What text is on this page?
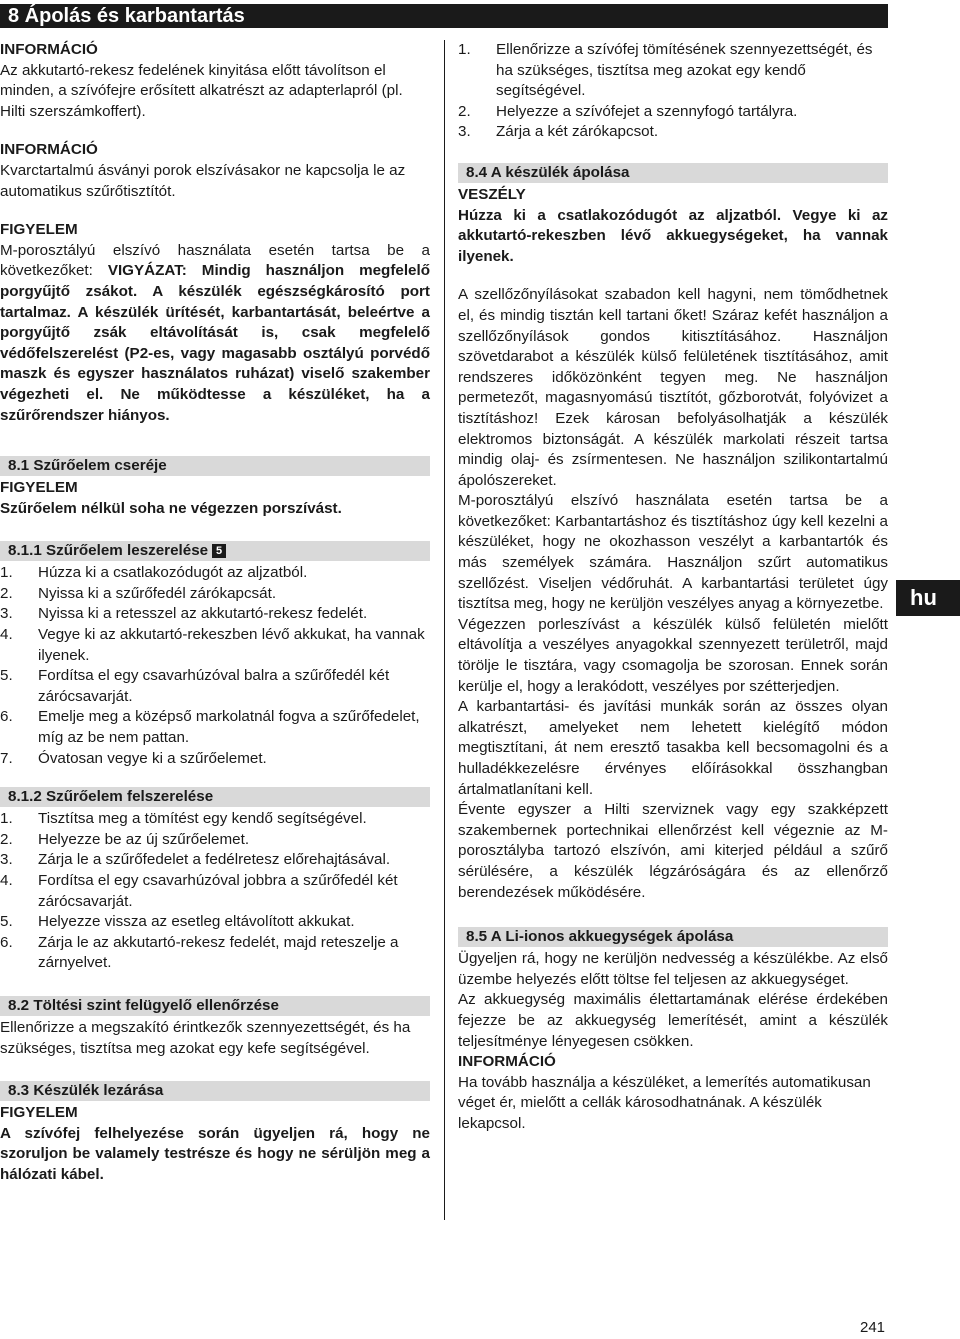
8 Ápolás és karbantartás

INFORMÁCIÓ

Az akkutartó-rekesz fedelének kinyitása előtt távolítson el minden, a szívófejre erősített alkatrészt az adapterlapról (pl. Hilti szerszámkoffert).

INFORMÁCIÓ

Kvarctartalmú ásványi porok elszívásakor ne kapcsolja le az automatikus szűrőtisztítót.

FIGYELEM

M-porosztályú elszívó használata esetén tartsa be a következőket: VIGYÁZAT: Mindig használjon megfelelő porgyűjtő zsákot. A készülék egészségkárosító port tartalmaz. A készülék ürítését, karbantartását, beleértve a porgyűjtő zsák eltávolítását is, csak megfelelő védőfelszerelést (P2-es, vagy magasabb osztályú porvédő maszk és egyszer használatos ruházat) viselő szakember végezheti el. Ne működtesse a készüléket, ha a szűrőrendszer hiányos.

8.1 Szűrőelem cseréje

FIGYELEM

Szűrőelem nélkül soha ne végezzen porszívást.

8.1.1 Szűrőelem leszerelése 5

1. Húzza ki a csatlakozódugót az aljzatból.
2. Nyissa ki a szűrőfedél zárókapcsát.
3. Nyissa ki a retesszel az akkutartó-rekesz fedelét.
4. Vegye ki az akkutartó-rekeszben lévő akkukat, ha vannak ilyenek.
5. Fordítsa el egy csavarhúzóval balra a szűrőfedél két zárócsavarját.
6. Emelje meg a középső markolatnál fogva a szűrőfedelet, míg az be nem pattan.
7. Óvatosan vegye ki a szűrőelemet.

8.1.2 Szűrőelem felszerelése

1. Tisztítsa meg a tömítést egy kendő segítségével.
2. Helyezze be az új szűrőelemet.
3. Zárja le a szűrőfedelet a fedélretesz előrehajtásával.
4. Fordítsa el egy csavarhúzóval jobbra a szűrőfedél két zárócsavarját.
5. Helyezze vissza az esetleg eltávolított akkukat.
6. Zárja le az akkutartó-rekesz fedelét, majd reteszelje a zárnyelvet.

8.2 Töltési szint felügyelő ellenőrzése

Ellenőrizze a megszakító érintkezők szennyezettségét, és ha szükséges, tisztítsa meg azokat egy kefe segítségével.

8.3 Készülék lezárása

FIGYELEM

A szívófej felhelyezése során ügyeljen rá, hogy ne szoruljon be valamely testrésze és hogy ne sérüljön meg a hálózati kábel.

1. Ellenőrizze a szívófej tömítésének szennyezettségét, és ha szükséges, tisztítsa meg azokat egy kendő segítségével.
2. Helyezze a szívófejet a szennyfogó tartályra.
3. Zárja a két zárókapcsot.

8.4 A készülék ápolása

VESZÉLY

Húzza ki a csatlakozódugót az aljzatból. Vegye ki az akkutartó-rekeszben lévő akkuegységeket, ha vannak ilyenek.

A szellőzőnyílásokat szabadon kell hagyni, nem tömődhetnek el, és mindig tisztán kell tartani őket! Száraz kefét használjon a szellőzőnyílások gondos kitisztításához. Használjon szövetdarabot a készülék külső felületének tisztításához, amit rendszeres időközönként tegyen meg. Ne használjon permetezőt, magasnyomású tisztítót, gőzborotvát, folyóvizet a tisztításhoz! Ezek károsan befolyásolhatják a készülék elektromos biztonságát. A készülék markolati részeit tartsa mindig olaj- és zsírmentesen. Ne használjon szilikontartalmú ápolószereket.

M-porosztályú elszívó használata esetén tartsa be a következőket: Karbantartáshoz és tisztításhoz úgy kell kezelni a készüléket, hogy ne okozhasson veszélyt a karbantartók és más személyek számára. Használjon szűrt automatikus szellőzést. Viseljen védőruhát. A karbantartási területet úgy tisztítsa meg, hogy ne kerüljön veszélyes anyag a környezetbe.

Végezzen porleszívást a készülék külső felületén mielőtt eltávolítja a veszélyes anyagokkal szennyezett területről, majd törölje le tisztára, vagy csomagolja be szorosan. Ennek során kerülje el, hogy a lerakódott, veszélyes por szétterjedjen.

A karbantartási- és javítási munkák során az összes olyan alkatrészt, amelyeket nem lehetett kielégítő módon megtisztítani, át nem eresztő tasakba kell becsomagolni és a hulladékkezelésre érvényes előírásokkal összhangban ártalmatlanítani kell.

Évente egyszer a Hilti szerviznek vagy egy szakképzett szakembernek portechnikai ellenőrzést kell végeznie az M-porosztályba tartozó elszívón, ami kiterjed például a szűrő sérülésére, a készülék légzáróságára és az ellenőrző berendezések működésére.

8.5 A Li-ionos akkuegységek ápolása

Ügyeljen rá, hogy ne kerüljön nedvesség a készülékbe. Az első üzembe helyezés előtt töltse fel teljesen az akkuegységet.

Az akkuegység maximális élettartamának elérése érdekében fejezze be az akkuegység lemerítését, amint a készülék teljesítménye lényegesen csökken.

INFORMÁCIÓ

Ha tovább használja a készüléket, a lemerítés automatikusan véget ér, mielőtt a cellák károsodhatnának. A készülék lekapcsol.

hu
241
